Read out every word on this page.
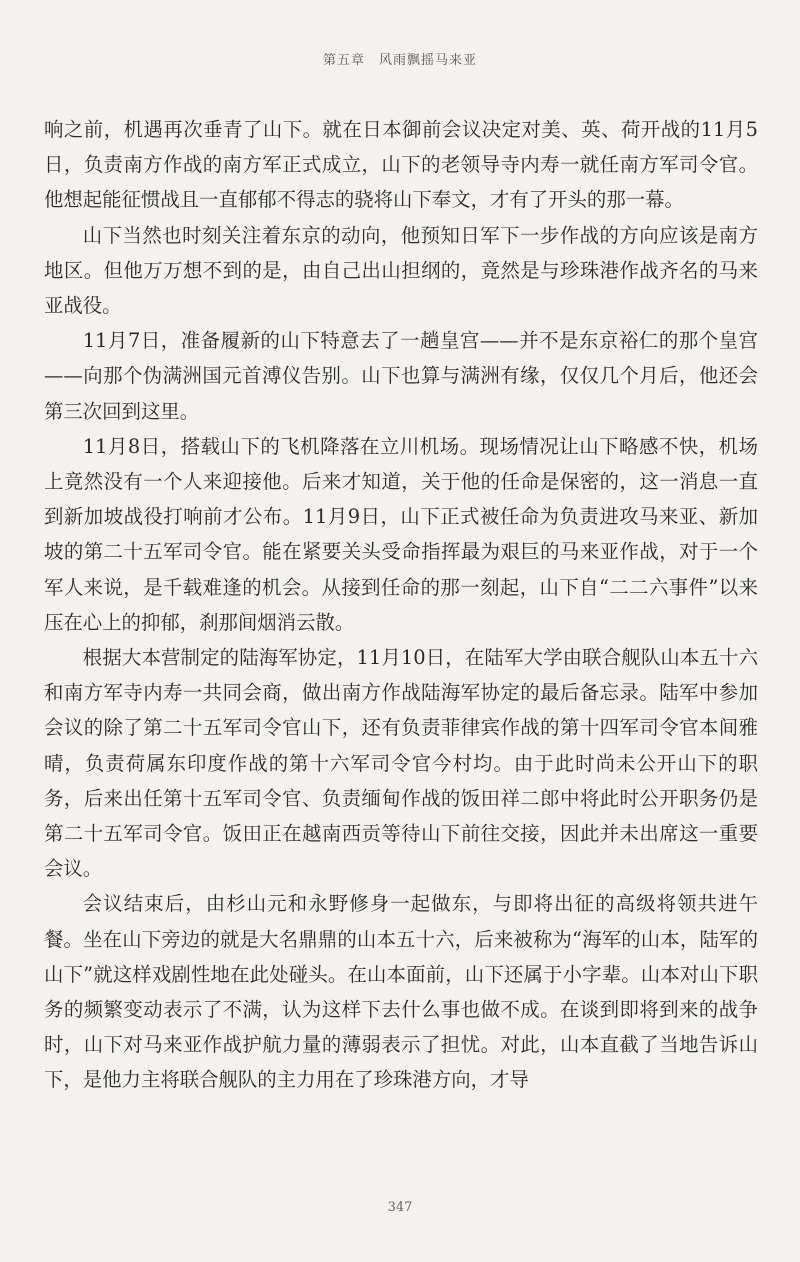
第五章 风雨飘摇马来亚

响之前，机遇再次垂青了山下。就在日本御前会议决定对美、英、荷开战的11月5日，负责南方作战的南方军正式成立，山下的老领导寺内寿一就任南方军司令官。他想起能征惯战且一直郁郁不得志的骁将山下奉文，才有了开头的那一幕。

山下当然也时刻关注着东京的动向，他预知日军下一步作战的方向应该是南方地区。但他万万想不到的是，由自己出山担纲的，竟然是与珍珠港作战齐名的马来亚战役。

11月7日，准备履新的山下特意去了一趟皇宫——并不是东京裕仁的那个皇宫——向那个伪满洲国元首溥仪告别。山下也算与满洲有缘，仅仅几个月后，他还会第三次回到这里。

11月8日，搭载山下的飞机降落在立川机场。现场情况让山下略感不快，机场上竟然没有一个人来迎接他。后来才知道，关于他的任命是保密的，这一消息一直到新加坡战役打响前才公布。11月9日，山下正式被任命为负责进攻马来亚、新加坡的第二十五军司令官。能在紧要关头受命指挥最为艰巨的马来亚作战，对于一个军人来说，是千载难逢的机会。从接到任命的那一刻起，山下自“二二六事件”以来压在心上的抑郁，刹那间烟消云散。

根据大本营制定的陆海军协定，11月10日，在陆军大学由联合舰队山本五十六和南方军寺内寿一共同会商，做出南方作战陆海军协定的最后备忘录。陆军中参加会议的除了第二十五军司令官山下，还有负责菲律宾作战的第十四军司令官本间雅晴，负责荷属东印度作战的第十六军司令官今村均。由于此时尚未公开山下的职务，后来出任第十五军司令官、负责缅甸作战的饭田祥二郎中将此时公开职务仍是第二十五军司令官。饭田正在越南西贡等待山下前往交接，因此并未出席这一重要会议。

会议结束后，由杉山元和永野修身一起做东，与即将出征的高级将领共进午餐。坐在山下旁边的就是大名鼎鼎的山本五十六，后来被称为“海军的山本，陆军的山下”就这样戏剧性地在此处碰头。在山本面前，山下还属于小字辈。山本对山下职务的频繁变动表示了不满，认为这样下去什么事也做不成。在谈到即将到来的战争时，山下对马来亚作战护航力量的薄弱表示了担忧。对此，山本直截了当地告诉山下，是他力主将联合舰队的主力用在了珍珠港方向，才导

347
